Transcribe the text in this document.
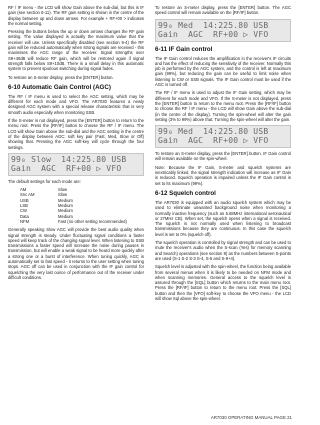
RF / IF menu - the LCD will show Gain above the sub-dial, but this is IF gain (see section 6-11). The RF gain setting is shown in the centre of the display between up and down arrows. For example + RF+00 > indicates the normal setting.

Pressing the buttons below the up or down arrows changes the RF gain setting. The value displayed is actually the maximum value that the receiver will use. Unless specifically disabled (see section 9-4) the RF gain will be reduced automatically when strong signals are received - this maximises the AGC range of the receiver. Signal strengths over S9+40dB will reduce RF gain, which will be restored again if signal strength falls below S9+10dB. There is a small delay in this automatic system to prevent spurious switching during signal fades.

To restore an S-meter display, press the [ENTER] button.

6-10 Automatic Gain Control (AGC)

The RF / IF menu is used to select the AGC setting, which may be different for each mode and VFO. The AR7030 features a newly designed AGC system with a special release characteristic that is very smooth audio especially when monitoring SSB.

If the S-meter is not displayed, press the [ENTER] button to return to the menu root. Press the [RF/IF] button to choose the RF / IF menu. The LCD will show Gain above the sub-dial and the AGC setting in the centre of the display between AGC: soft key pair (Fast, Med, Slow or Off) showing that. Pressing the AGC soft-key will cycle through the four settings.

99₀ Slow  14:225.80 USB
Gain  AGC  RF+00 ▷ VFO

The default settings for each mode are:

AM	Slow
Snc AM	Slow
USB	Medium
LSB	Medium
CW	Medium
Data	Medium
NFM	Fast (no other setting recommended)

Generally speaking Slow AGC will provide the best audio quality when signal strength is steady. Under fluctuating signal conditions a faster speed will keep track of the changing signal level. When listening to SSB transmissions a faster speed will increase the noise during pauses in transmission, but will enable a weak signal to be heard more quickly after a strong one or a burst of interference. When tuning quickly, AGC is automatically set to fast speed - it returns to the user setting when tuning stops. AGC off can be used in conjunction with the IF gain control for squelching the very last ounce of performance out of the receiver under difficult conditions.

To restore an S-meter display, press the [ENTER] button. The AGC speed control will remain available on the [RF/IF] button.

99₀ Med  14:225.80 USB
Gain  AGC  RF+00 ▷ VFO
6-11 IF Gain control

The IF Gain control reduces the amplification in the receiver's IF circuits and has the effect of reducing the sensitivity of the receiver. Normally this job is performed by the AGC system, and the control is left at maximum gain (99%), but reducing the gain can be useful to limit noise when listening to CW or SSB signals. The IF Gain control must be used if the AGC is turned off.

The RF / IF menu is used to adjust the IF Gain setting, which may be different for each mode and VFO. If the S-meter is not displayed, press the [ENTER] button to return to the menu root. Press the [RF/IF] button to choose the RF / IF menu - the LCD will show Gain above the sub-dial (in the centre of the display). Turning the spin-wheel will alter the gain setting (3% to 99%) above that. Turning the spin-wheel will alter the gain.

99₀ Med  14:225.80 USB
Gain  AGC  RF+00 ▷ VFO

To restore an S-meter display, press the [ENTER] button. IF Gain control will remain available on the spin-wheel.

Note: Because the IF Gain, S-meter and squelch systems are inextricably linked, the signal strength indication will increase as IF Gain is reduced. Squelch operation is impaired unless the IF Gain control is set to its maximum (99%).

6-12 Squelch control

The AR7030 is equipped with an audio squelch system which may be used to eliminate unwanted background noise when monitoring a normally inactive frequency (such as 5.68MHz international aeronautical or 27MHz CB). When set, the squelch opens when a signal is received. The squelch is not normally used when listening to broadcast transmissions because they are continuous. In this case the squelch level is set to 0% (squelch off).

The squelch operation is controlled by signal strength and can be used to mute the receiver's audio when the S-scan (Yes) for memory scanning and Search) operations (see section 8) as the numbers between S-points are used (S-1 S-2 S-3 S-4, S-5 and S-9+4).

Squelch level is adjusted with the spin-wheel, the function being available from several menus when it is likely to be needed on NFM mode and when scanning memories. General access to the squelch level is assured through the [SQL] button which returns to the main menu root. Press the [RF/IF] button to return to the menu root. Press the [SQL] button and then the [VFO] soft-key to choose the VFO menu - the LCD will show Sql above the spin-wheel.

AR7030 OPERATING MANUAL PAGE 21
